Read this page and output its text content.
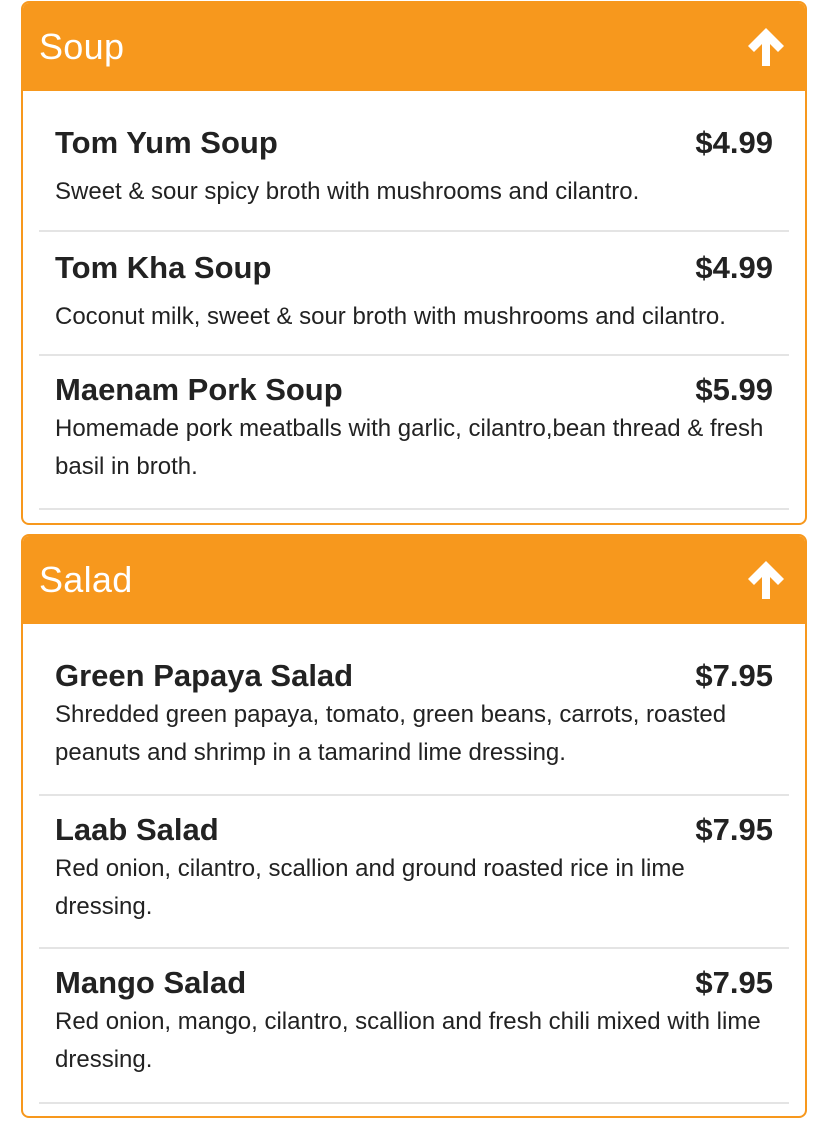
Soup
Tom Yum Soup	$4.99
Sweet & sour spicy broth with mushrooms and cilantro.
Tom Kha Soup	$4.99
Coconut milk, sweet & sour broth with mushrooms and cilantro.
Maenam Pork Soup	$5.99
Homemade pork meatballs with garlic, cilantro,bean thread & fresh basil in broth.
Salad
Green Papaya Salad	$7.95
Shredded green papaya, tomato, green beans, carrots, roasted peanuts and shrimp in a tamarind lime dressing.
Laab Salad	$7.95
Red onion, cilantro, scallion and ground roasted rice in lime dressing.
Mango Salad	$7.95
Red onion, mango, cilantro, scallion and fresh chili mixed with lime dressing.
